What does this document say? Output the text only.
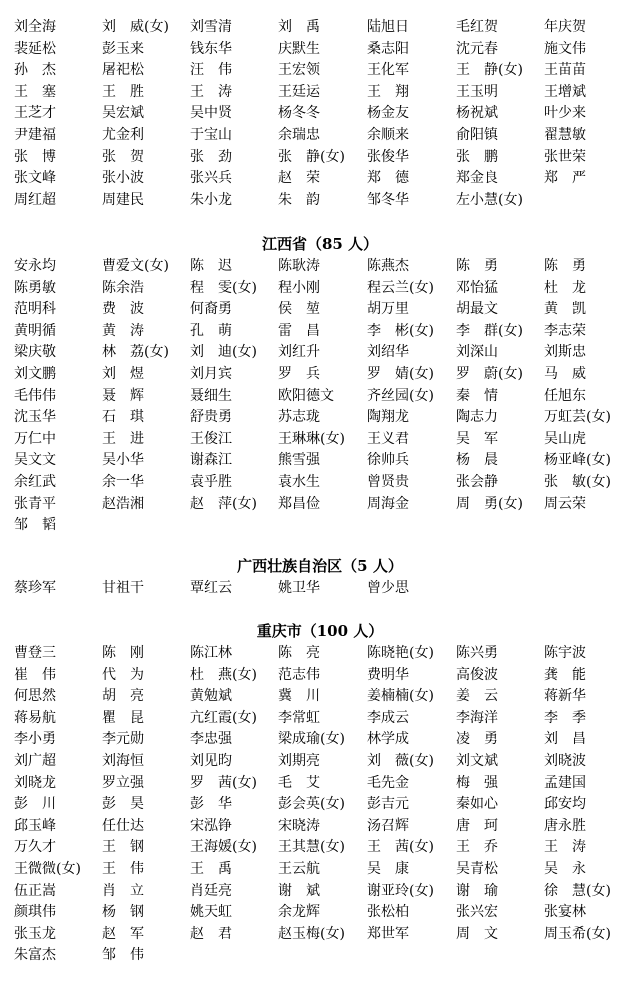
刘全海	刘　威(女) 刘雪清	刘　禹	陆旭日	毛红贺	年庆贺
裴延松	彭玉来	钱东华	庆默生	桑志阳	沈元春	施文伟
孙　杰	屠祀松	汪　伟	王宏领	王化军	王　静(女) 王苗苗
王　塞	王　胜	王　涛	王廷运	王　翔	王玉明	王增斌
王芝才	吴宏斌	吴中贤	杨冬冬	杨金友	杨祝斌	叶少来
尹建福	尤金利	于宝山	余瑞忠	余顺来	俞阳镇	翟慧敏
张　博	张　贺	张　劲	张　静(女) 张俊华	张　鹏	张世荣
张文峰	张小波	张兴兵	赵　荣	郑　德	郑金良	郑　严
周红超	周建民	朱小龙	朱　韵	邹冬华	左小慧(女)
江西省（85 人）
安永均	曹爱文(女) 陈　迟	陈耿涛	陈燕杰	陈　勇	陈　勇
陈勇敏	陈余浩	程　雯(女) 程小刚	程云兰(女) 邓怡猛	杜　龙
范明科	费　波	何裔勇	侯　堃	胡万里	胡最文	黄　凯
黄明循	黄　涛	孔　萌	雷　昌	李　彬(女) 李　群(女) 李志荣
梁庆敬	林　荔(女) 刘　迪(女) 刘红升	刘绍华	刘深山	刘斯忠
刘文鹏	刘　煜	刘月宾	罗　兵	罗　婧(女) 罗　蔚(女) 马　威
毛伟伟	聂　辉	聂细生	欧阳德文 齐丝园(女) 秦　情	任旭东
沈玉华	石　琪	舒贵勇	苏志珑	陶翔龙	陶志力	万虹芸(女)
万仁中	王　进	王俊江	王琳琳(女) 王义君	吴　军	吴山虎
吴文文	吴小华	谢森江	熊雪强	徐帅兵	杨　晨	杨亚峰(女)
余红武	余一华	袁乎胜	袁水生	曾贤贵	张会静	张　敏(女)
张青平	赵浩湘	赵　萍(女) 郑昌俭	周海金	周　勇(女) 周云荣
邹　韬
广西壮族自治区（5 人）
蔡珍军	甘祖干	覃红云	姚卫华	曾少思
重庆市（100 人）
曹登三	陈　刚	陈江林	陈　亮	陈晓艳(女) 陈兴勇	陈宇波
崔　伟	代　为	杜　燕(女) 范志伟	费明华	高俊波	龚　能
何思然	胡　亮	黄勉斌	冀　川	姜楠楠(女) 姜　云	蒋新华
蒋易航	瞿　昆	亢红霞(女) 李常虹	李成云	李海洋	李　季
李小勇	李元勋	李忠强	梁成瑜(女) 林学成	凌　勇	刘　昌
刘广超	刘海恒	刘见昀	刘期亮	刘　薇(女) 刘文斌	刘晓波
刘晓龙	罗立强	罗　茜(女) 毛　艾	毛先金	梅　强	孟建国
彭　川	彭　昊	彭　华	彭会英(女) 彭吉元	秦如心	邱安均
邱玉峰	任仕达	宋泓铮	宋晓涛	汤召辉	唐　珂	唐永胜
万久才	王　钢	王海媛(女) 王其慧(女) 王　茜(女) 王　乔	王　涛
王微微(女) 王　伟	王　禹	王云航	吴　康	吴青松	吴　永
伍正嵩	肖　立	肖廷亮	谢　斌	谢亚玲(女) 谢　瑜	徐　慧(女)
颜琪伟	杨　钢	姚天虹	余龙辉	张松柏	张兴宏	张宴林
张玉龙	赵　军	赵　君	赵玉梅(女) 郑世军	周　文	周玉希(女)
朱富杰	邹　伟
